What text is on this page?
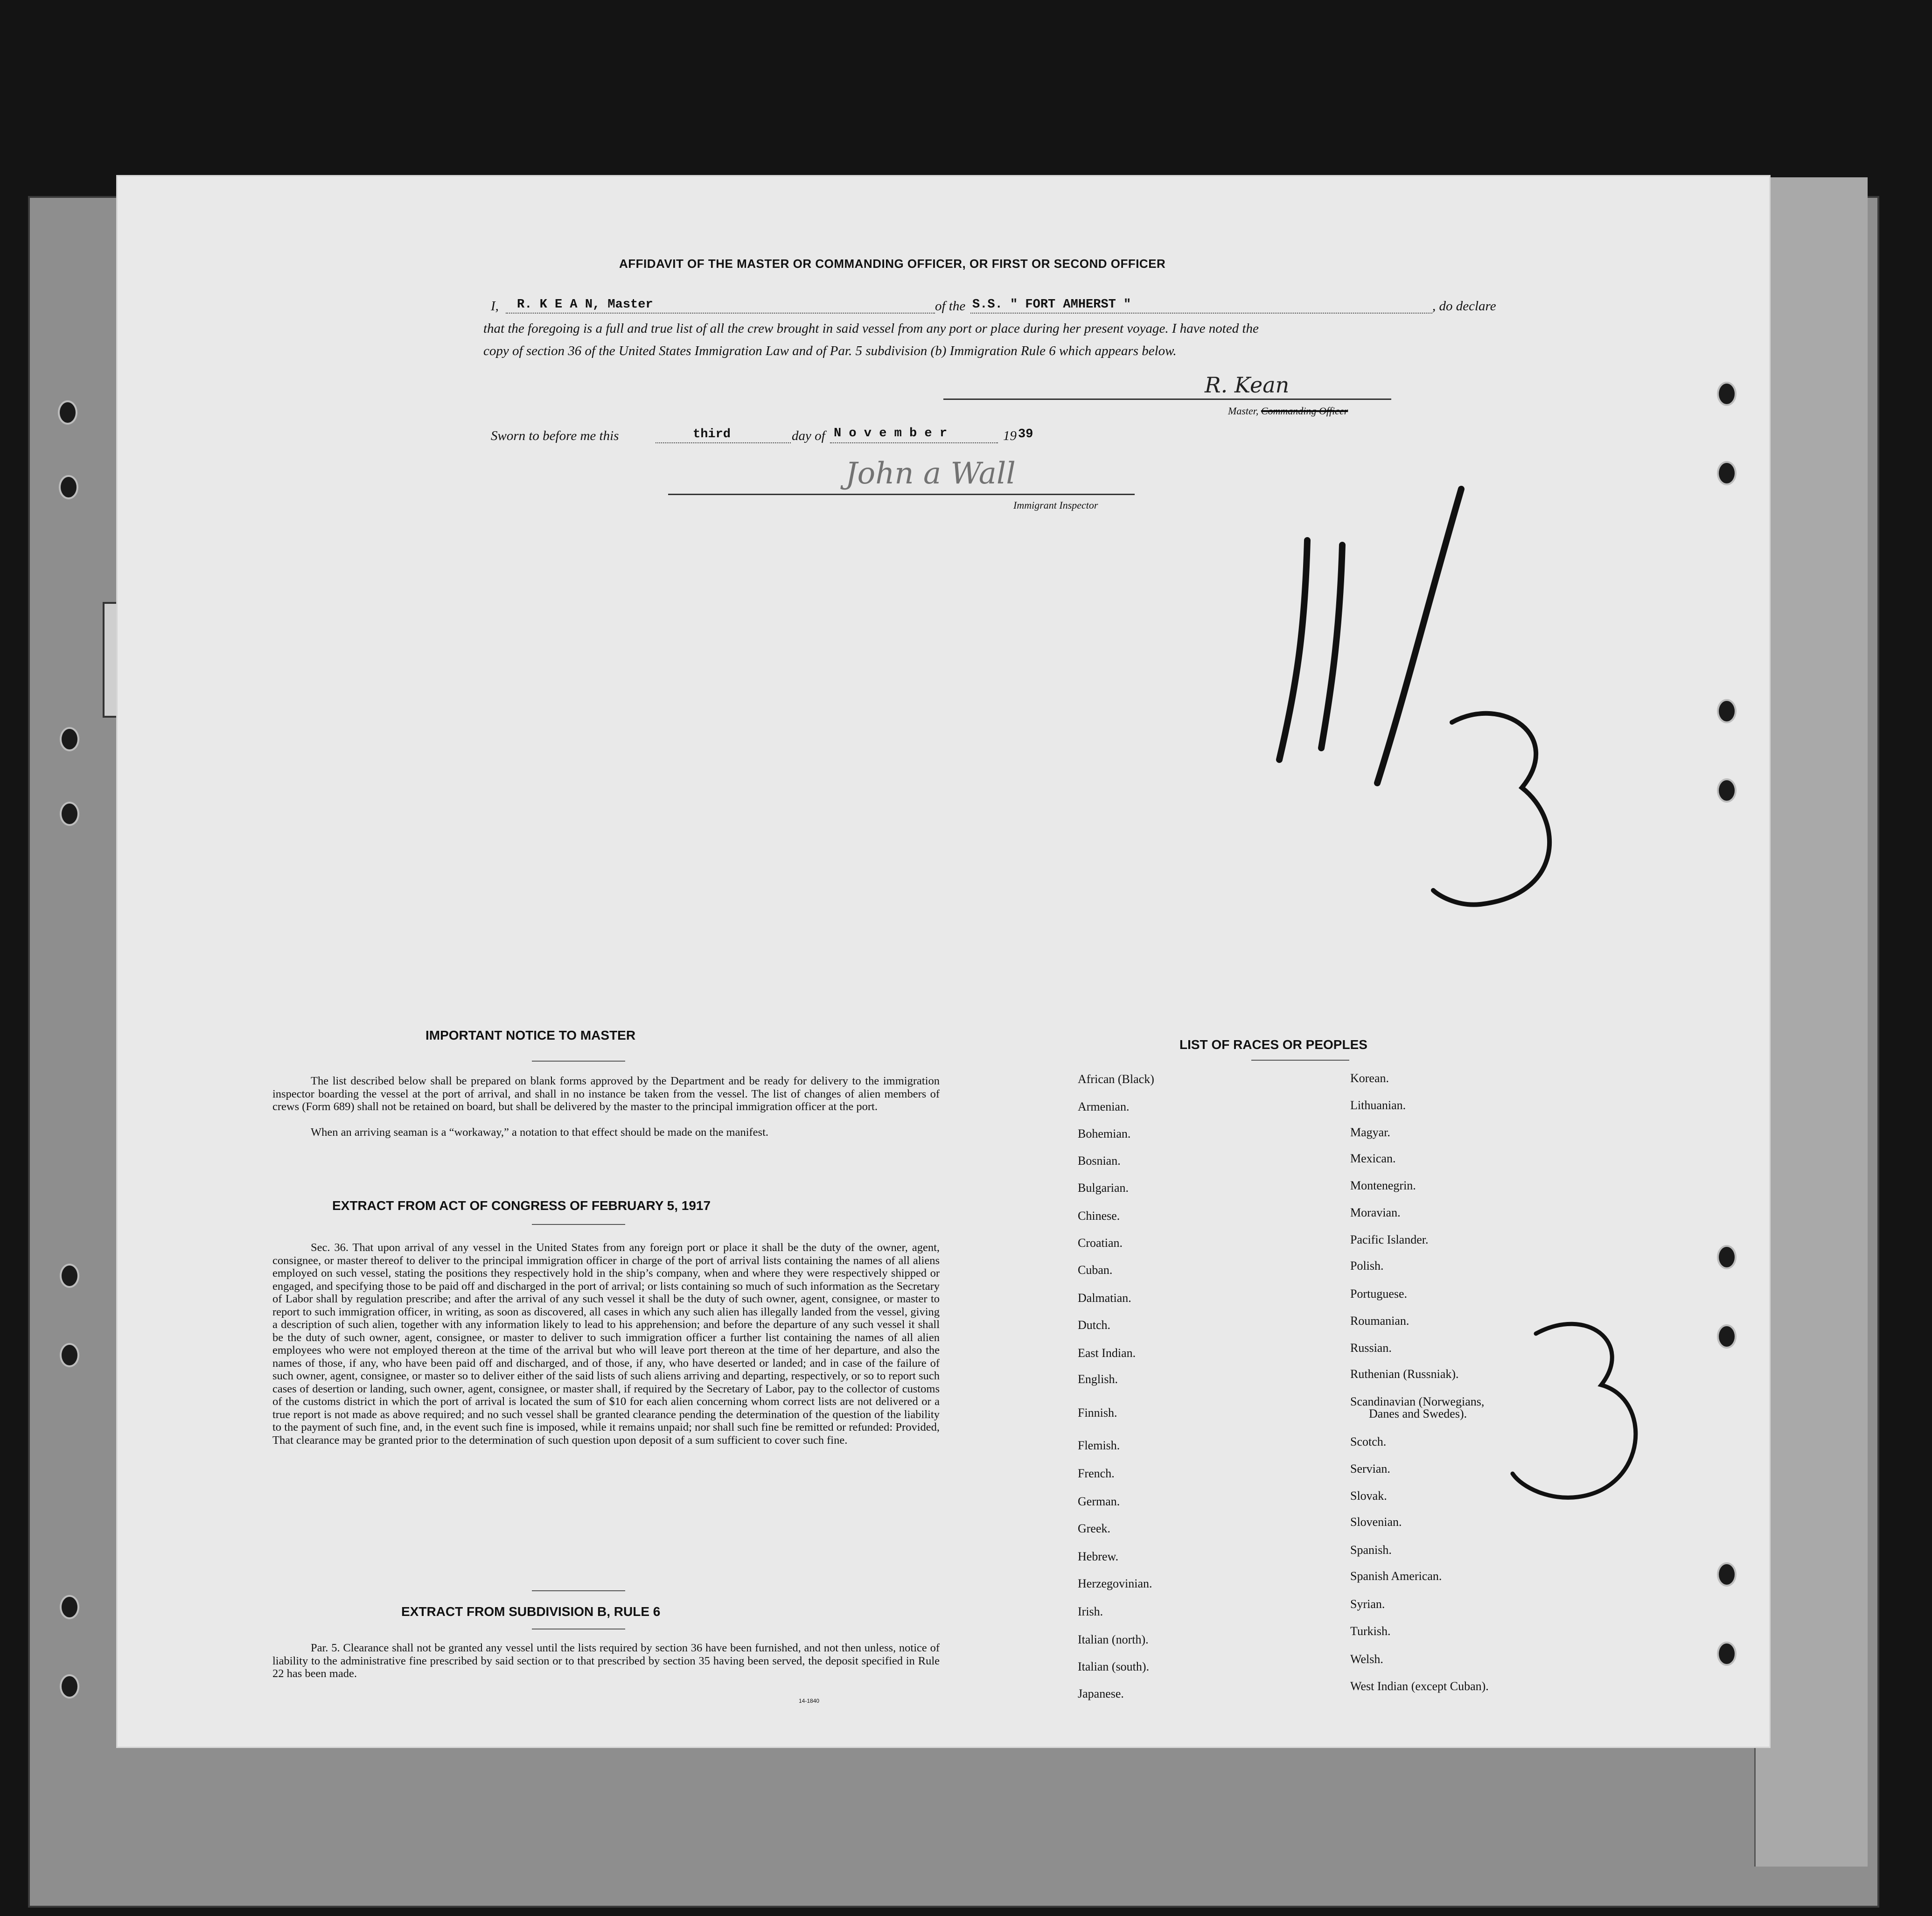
AFFIDAVIT OF THE MASTER OR COMMANDING OFFICER, OR FIRST OR SECOND OFFICER
I, R. K E A N, Master	of the S.S. " FORT AMHERST "	, do declare
that the foregoing is a full and true list of all the crew brought in said vessel from any port or place during her present voyage. I have noted the
copy of section 36 of the United States Immigration Law and of Par. 5 subdivision (b) Immigration Rule 6 which appears below.
R. Kean
Master, Commanding Officer
Sworn to before me this	third	day of N o v e m b e r	19 39
John a Wall
Immigrant Inspector
11/3
IMPORTANT NOTICE TO MASTER

The list described below shall be prepared on blank forms approved by the Department and be ready for delivery to the immigration inspector boarding the vessel at the port of arrival, and shall in no instance be taken from the vessel. The list of changes of alien members of crews (Form 689) shall not be retained on board, but shall be delivered by the master to the principal immigration officer at the port.

When an arriving seaman is a “workaway,” a notation to that effect should be made on the manifest.

EXTRACT FROM ACT OF CONGRESS OF FEBRUARY 5, 1917

Sec. 36. That upon arrival of any vessel in the United States from any foreign port or place it shall be the duty of the owner, agent, consignee, or master thereof to deliver to the principal immigration officer in charge of the port of arrival lists containing the names of all aliens employed on such vessel, stating the positions they respectively hold in the ship’s company, when and where they were respectively shipped or engaged, and specifying those to be paid off and discharged in the port of arrival; or lists containing so much of such information as the Secretary of Labor shall by regulation prescribe; and after the arrival of any such vessel it shall be the duty of such owner, agent, consignee, or master to report to such immigration officer, in writing, as soon as discovered, all cases in which any such alien has illegally landed from the vessel, giving a description of such alien, together with any information likely to lead to his apprehension; and before the departure of any such vessel it shall be the duty of such owner, agent, consignee, or master to deliver to such immigration officer a further list containing the names of all alien employees who were not employed thereon at the time of the arrival but who will leave port thereon at the time of her departure, and also the names of those, if any, who have been paid off and discharged, and of those, if any, who have deserted or landed; and in case of the failure of such owner, agent, consignee, or master so to deliver either of the said lists of such aliens arriving and departing, respectively, or so to report such cases of desertion or landing, such owner, agent, consignee, or master shall, if required by the Secretary of Labor, pay to the collector of customs of the customs district in which the port of arrival is located the sum of $10 for each alien concerning whom correct lists are not delivered or a true report is not made as above required; and no such vessel shall be granted clearance pending the determination of the question of the liability to the payment of such fine, and, in the event such fine is imposed, while it remains unpaid; nor shall such fine be remitted or refunded: Provided, That clearance may be granted prior to the determination of such question upon deposit of a sum sufficient to cover such fine.

EXTRACT FROM SUBDIVISION B, RULE 6

Par. 5. Clearance shall not be granted any vessel until the lists required by section 36 have been furnished, and not then unless, notice of liability to the administrative fine prescribed by said section or to that prescribed by section 35 having been served, the deposit specified in Rule 22 has been made.

14-1840
LIST OF RACES OR PEOPLES
African (Black)
Armenian.
Bohemian.
Bosnian.
Bulgarian.
Chinese.
Croatian.
Cuban.
Dalmatian.
Dutch.
East Indian.
English.
Finnish.
Flemish.
French.
German.
Greek.
Hebrew.
Herzegovinian.
Irish.
Italian (north).
Italian (south).
Japanese.
Korean.
Lithuanian.
Magyar.
Mexican.
Montenegrin.
Moravian.
Pacific Islander.
Polish.
Portuguese.
Roumanian.
Russian.
Ruthenian (Russniak).
Scandinavian (Norwegians,
Danes and Swedes).
Scotch.
Servian.
Slovak.
Slovenian.
Spanish.
Spanish American.
Syrian.
Turkish.
Welsh.
West Indian (except Cuban).
3
